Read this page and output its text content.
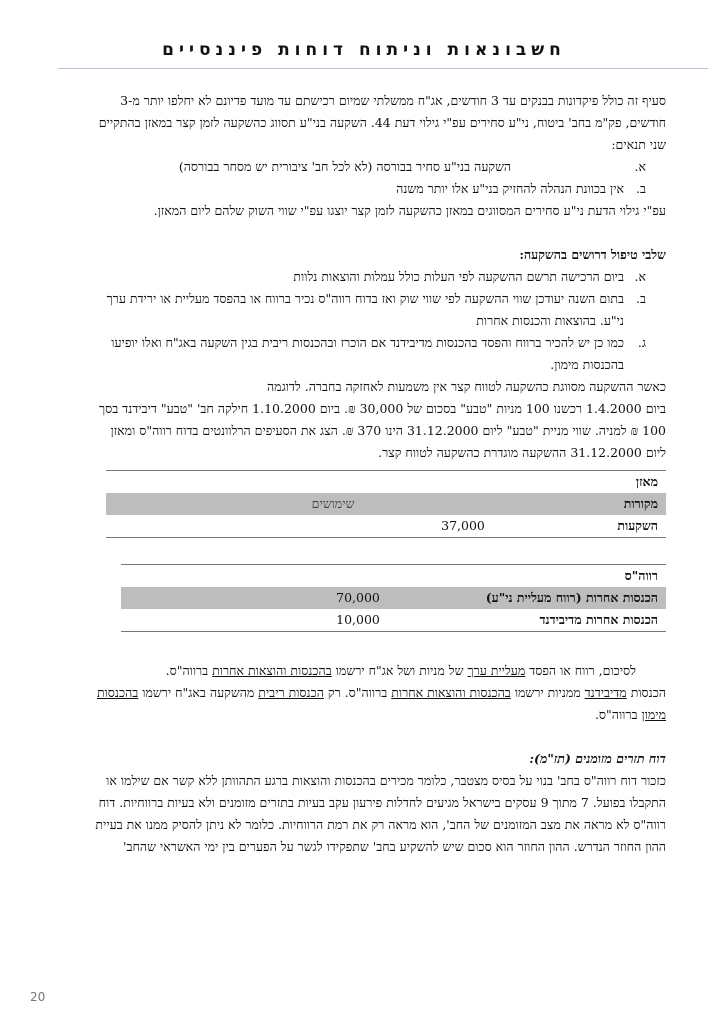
חשבונאות וניתוח דוחות פיננסיים

סעיף זה כולל פיקדונות בבנקים עד 3 חודשים, אג"ח ממשלתי שמיום רכישתם עד מועד פדיונם לא יחלפו יותר מ-3

חודשים, פק"מ בחב' ביטוח, ני"ע סחירים עפ"י גילוי דעת 44. השקעה בני"ע תסווג כהשקעה לזמן קצר במאזן בהתקיים

שני תנאים:

א.
השקעה בני"ע סחיר בבורסה (לא לכל חב' ציבורית יש מסחר בבורסה)
ב.
אין בכוונת הנהלה להחזיק בני"ע אלו יותר משנה

עפ"י גילוי הדעת ני"ע סחירים המסווגים במאזן כהשקעה לזמן קצר יוצגו עפ"י שווי השוק שלהם ליום המאזן.

שלבי טיפול דרושים בהשקעה:

א.
ביום הרכישה תרשם ההשקעה לפי העלות כולל עמלות והוצאות נלוות
ב.
בתום השנה יעודכן שווי ההשקעה לפי שווי שוק ואז בדוח רווה"ס נכיר ברווח או בהפסד מעליית או ירידת ערך

ני"ע. בהוצאות והכנסות אחרות

ג.
כמו כן יש להכיר ברווח והפסד בהכנסות מדיבידנד אם הוכרז ובהכנסות ריבית בגין השקעה באג"ח ואלו יופיעו

בהכנסות מימון.

כאשר ההשקעה מסווגת כהשקעה לטווח קצר אין משמעות לאחזקה בחברה. לדוגמה

ביום 1.4.2000 רכשנו 100 מניות "טבע" בסכום של 30,000 ₪. ביום 1.10.2000 חילקה חב' "טבע" דיבידנד בסך

100 ₪ למניה. שווי מניית "טבע" ליום 31.12.2000 הינו 370 ₪. הצג את הסעיפים הרלוונטים בדוח רווה"ס ומאזן

ליום 31.12.2000 ההשקעה מוגדרת כהשקעה לטווח קצר.

מאזן
מקורות
שימושים
השקעות
37,000
רווה"ס
הכנסות אחרות (רווח מעליית ני"ע)
70,000
הכנסות אחרות מדיבידנד
10,000

לסיכום, רווח או הפסד מעליית ערך של מניות ושל אג"ח ירשמו בהכנסות והוצאות אחרות ברווה"ס.

הכנסות מדיבידנד ממניות ירשמו בהכנסות והוצאות אחרות ברווה"ס. רק הכנסות ריבית מהשקעה באג"ח ירשמו בהכנסות

מימון ברווה"ס.

דוח תזרים מזומנים (תז"מ):

כזכור דוח רווה"ס בחב' בנוי על בסיס מצטבר, כלומר מכירים בהכנסות והוצאות ברגע התהוותן ללא קשר אם שילמו או

התקבלו בפועל. 7 מתוך 9 עסקים בישראל מגיעים לחדלות פירעון עקב בעיות בתזרים מזומנים ולא בעיות ברווחיות. דוח

רווה"ס לא מראה את מצב המזומנים של החב', הוא מראה רק את רמת הרווחיות. כלומר לא ניתן להסיק ממנו את בעיית

ההון החוזר הנדרש. ההון החוזר הוא סכום שיש להשקיע בחב' שתפקידו לגשר על הפערים בין ימי האשראי שהחב'

20
